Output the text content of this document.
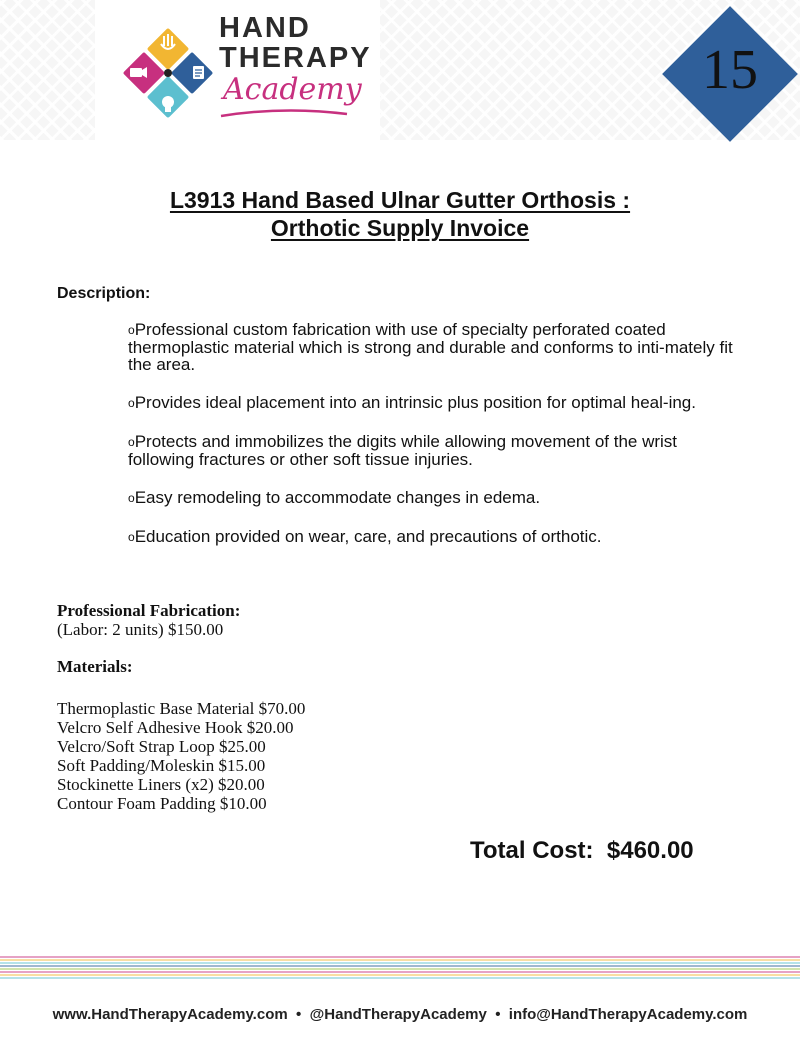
HAND
THERAPY
Academy	15
L3913 Hand Based Ulnar Gutter Orthosis :
Orthotic Supply Invoice
Description:
oProfessional custom fabrication with use of specialty perforated coated thermoplastic material which is strong and durable and conforms to inti-mately fit the area.
oProvides ideal placement into an intrinsic plus position for optimal heal-ing.
oProtects and immobilizes the digits while allowing movement of the wrist following fractures or other soft tissue injuries.
oEasy remodeling to accommodate changes in edema.
oEducation provided on wear, care, and precautions of orthotic.
Professional Fabrication:
(Labor: 2 units) $150.00
Materials:
Thermoplastic Base Material $70.00
Velcro Self Adhesive Hook $20.00
Velcro/Soft Strap Loop $25.00
Soft Padding/Moleskin $15.00
Stockinette Liners (x2) $20.00
Contour Foam Padding $10.00
Total Cost: $460.00
www.HandTherapyAcademy.com • @HandTherapyAcademy • info@HandTherapyAcademy.com
